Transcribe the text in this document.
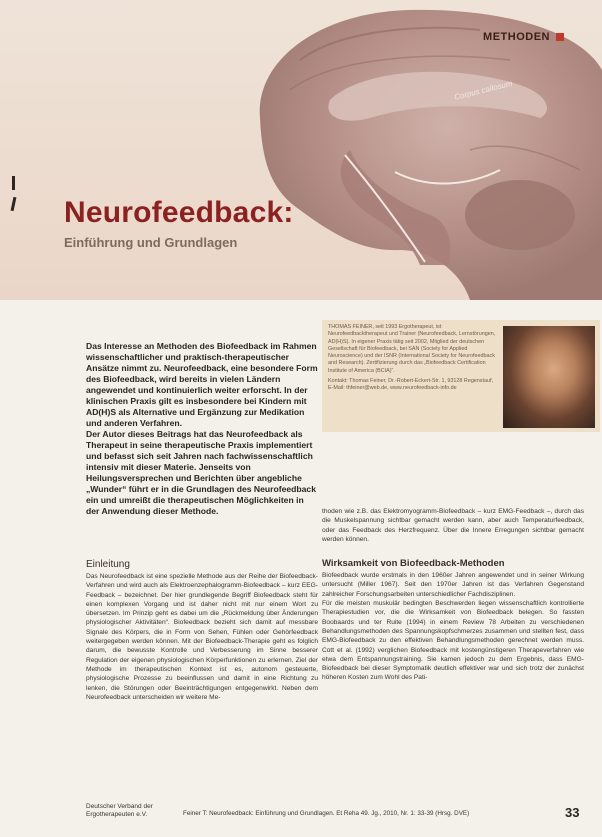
Corpus callosum
METHODEN
Neurofeedback:

Einführung und Grundlagen

Das Interesse an Methoden des Biofeedback im Rahmen wissenschaftlicher und praktisch-therapeutischer Ansätze nimmt zu. Neurofeedback, eine besondere Form des Biofeedback, wird bereits in vielen Ländern angewendet und kontinuierlich weiter erforscht. In der klinischen Praxis gilt es insbesondere bei Kindern mit AD(H)S als Alternative und Ergänzung zur Medikation und anderen Verfahren.

Der Autor dieses Beitrags hat das Neurofeedback als Therapeut in seine therapeutische Praxis implementiert und befasst sich seit Jahren nach fachwissenschaftlich intensiv mit dieser Materie. Jenseits von Heilungsversprechen und Berichten über angebliche „Wunder“ führt er in die Grundlagen des Neurofeedback ein und umreißt die therapeutischen Möglichkeiten in der Anwendung dieser Methode.

THOMAS FEINER, seit 1993 Ergotherapeut, ist Neurofeedbacktherapeut und Trainer (Neurofeedback, Lernstörungen, AD(H)S). In eigener Praxis tätig seit 2002, Mitglied der deutschen Gesellschaft für Biofeedback, bei SAN (Society for Applied Neuroscience) und der ISNR (International Society for Neurofeedback and Research). Zertifizierung durch das „Biofeedback Certification Institute of America (BCIA)“.

Kontakt: Thomas Feiner, Dr.-Robert-Eckert-Str. 1, 93128 Regenstauf, E-Mail: thfeiner@web.de, www.neurofeedback-info.de

Einleitung

Das Neurofeedback ist eine spezielle Methode aus der Reihe der Biofeedback-Verfahren und wird auch als Elektroenzephalogramm-Biofeedback – kurz EEG-Feedback – bezeichnet. Der hier grundlegende Begriff Biofeedback steht für einen komplexen Vorgang und ist daher nicht mit nur einem Wort zu übersetzen. Im Prinzip geht es dabei um die „Rückmeldung über Änderungen physiologischer Aktivitäten“. Biofeedback bezieht sich damit auf messbare Signale des Körpers, die in Form von Sehen, Fühlen oder Gehörfeedback weitergegeben werden können. Mit der Biofeedback-Therapie geht es folglich darum, die bewusste Kontrolle und Verbesserung im Sinne besserer Regulation der eigenen physiologischen Körperfunktionen zu erlernen. Ziel der Methode im therapeutischen Kontext ist es, autonom gesteuerte, physiologische Prozesse zu beeinflussen und damit in eine Richtung zu lenken, die Störungen oder Beeinträchtigungen entgegenwirkt. Neben dem Neurofeedback unterscheiden wir weitere Me-

thoden wie z.B. das Elektromyogramm-Biofeedback – kurz EMG-Feedback –, durch das die Muskelspannung sichtbar gemacht werden kann, aber auch Temperaturfeedback, oder das Feedback des Herzfrequenz. Über die Innere Erregungen sichtbar gemacht werden können.

Wirksamkeit von Biofeedback-Methoden

Biofeedback wurde erstmals in den 1960er Jahren angewendet und in seiner Wirkung untersucht (Miller 1967). Seit den 1970er Jahren ist das Verfahren Gegenstand zahlreicher Forschungsarbeiten unterschiedlicher Fachdisziplinen.

Für die meisten muskulär bedingten Beschwerden liegen wissenschaftlich kontrollierte Therapiestudien vor, die die Wirksamkeit von Biofeedback belegen. So fassten Boobaards und ter Ruite (1994) in einem Review 78 Arbeiten zu verschiedenen Behandlungsmethoden des Spannungskopfschmerzes zusammen und stellten fest, dass EMG-Biofeedback zu den effektiven Behandlungsmethoden gerechnet werden muss. Cott et al. (1992) verglichen Biofeedback mit kostengünstigeren Therapeverfahren wie etwa dem Entspannungstraining. Sie kamen jedoch zu dem Ergebnis, dass EMG-Biofeedback bei dieser Symptomatik deutlich effektiver war und sich trotz der zunächst höheren Kosten zum Wohl des Pati-

Deutscher Verband der
Ergotherapeuten e.V.	Feiner T: Neurofeedback: Einführung und Grundlagen. Et Reha 49. Jg., 2010, Nr. 1: 33-39 (Hrsg. DVE)	33
